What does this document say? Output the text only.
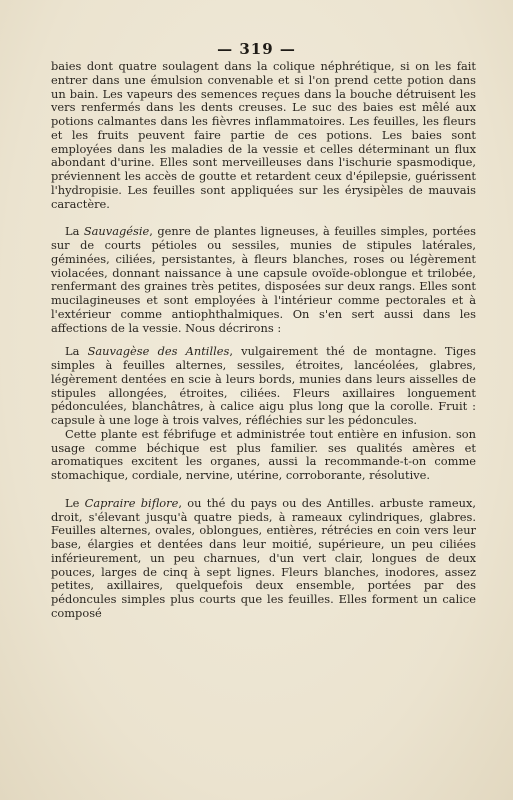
— 319 —

baies dont quatre soulagent dans la colique néphrétique, si on les fait entrer dans une émulsion convenable et si l'on prend cette potion dans un bain. Les vapeurs des semences reçues dans la bouche détruisent les vers renfermés dans les dents creuses. Le suc des baies est mêlé aux potions calmantes dans les fièvres inflammatoires. Les feuilles, les fleurs et les fruits peuvent faire partie de ces potions. Les baies sont employées dans les maladies de la vessie et celles déterminant un flux abondant d'urine. Elles sont merveilleuses dans l'ischurie spasmodique, préviennent les accès de goutte et retardent ceux d'épilepsie, guérissent l'hydropisie. Les feuilles sont appliquées sur les érysipèles de mauvais caractère.

La Sauvagésie, genre de plantes ligneuses, à feuilles simples, portées sur de courts pétioles ou sessiles, munies de stipules latérales, géminées, ciliées, persistantes, à fleurs blanches, roses ou légèrement violacées, donnant naissance à une capsule ovoïde-oblongue et trilobée, renfermant des graines très petites, disposées sur deux rangs. Elles sont mucilagineuses et sont employées à l'intérieur comme pectorales et à l'extérieur comme antiophthalmiques. On s'en sert aussi dans les affections de la vessie. Nous décrirons :

La Sauvagèse des Antilles, vulgairement thé de montagne. Tiges simples à feuilles alternes, sessiles, étroites, lancéolées, glabres, légèrement dentées en scie à leurs bords, munies dans leurs aisselles de stipules allongées, étroites, ciliées. Fleurs axillaires longuement pédonculées, blanchâtres, à calice aigu plus long que la corolle. Fruit : capsule à une loge à trois valves, réfléchies sur les pédoncules.

Cette plante est fébrifuge et administrée tout entière en infusion. son usage comme béchique est plus familier. ses qualités amères et aromatiques excitent les organes, aussi la recommande-t-on comme stomachique, cordiale, nervine, utérine, corroborante, résolutive.

Le Capraire biflore, ou thé du pays ou des Antilles. arbuste rameux, droit, s'élevant jusqu'à quatre pieds, à rameaux cylindriques, glabres. Feuilles alternes, ovales, oblongues, entières, rétrécies en coin vers leur base, élargies et dentées dans leur moitié, supérieure, un peu ciliées inférieurement, un peu charnues, d'un vert clair, longues de deux pouces, larges de cinq à sept lignes. Fleurs blanches, inodores, assez petites, axillaires, quelquefois deux ensemble, portées par des pédoncules simples plus courts que les feuilles. Elles forment un calice composé
